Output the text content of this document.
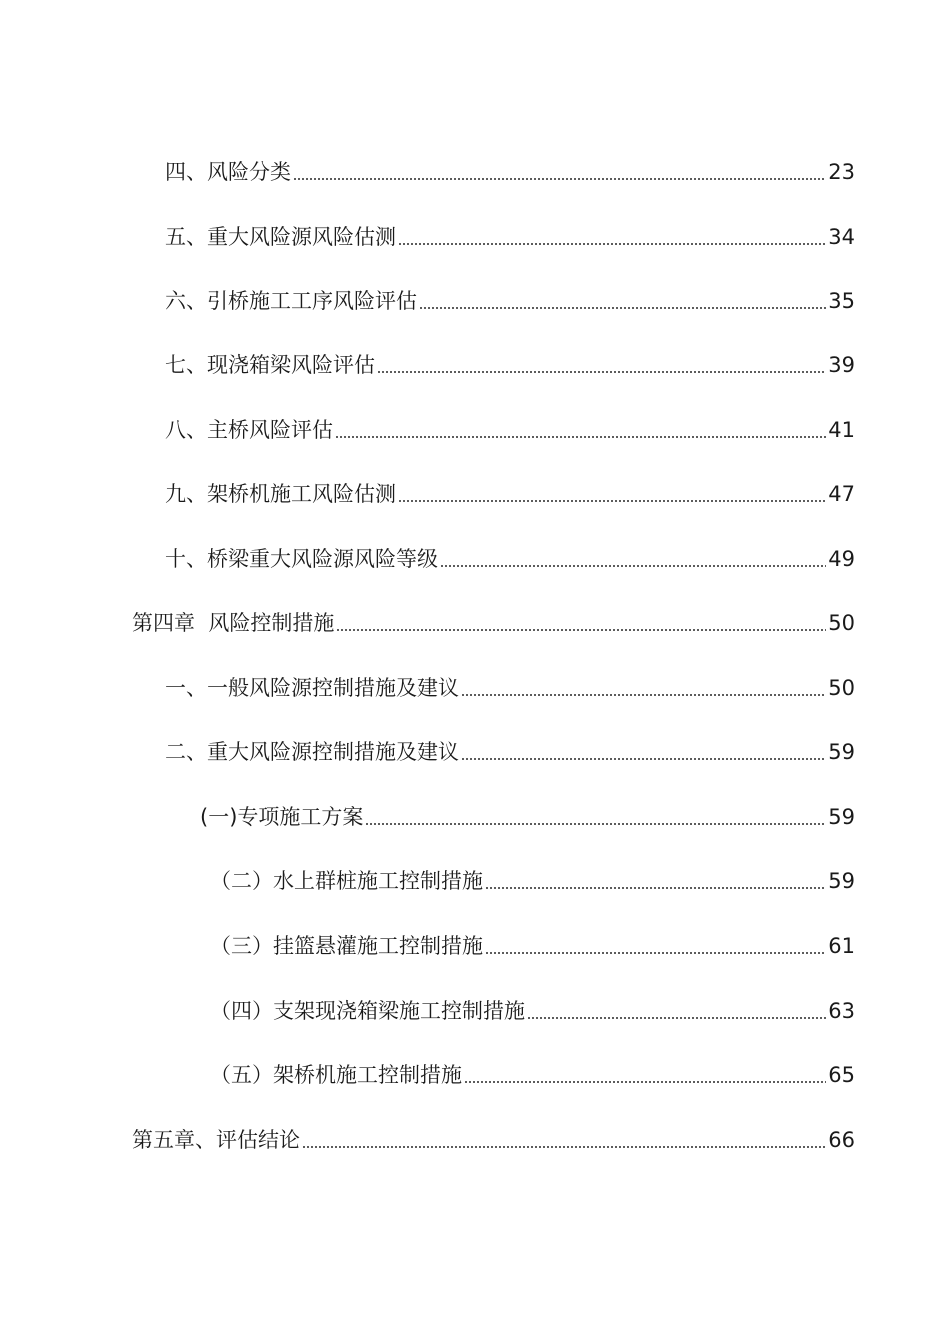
四、风险分类	23
五、重大风险源风险估测	34
六、引桥施工工序风险评估	35
七、现浇箱梁风险评估	39
八、主桥风险评估	41
九、架桥机施工风险估测	47
十、桥梁重大风险源风险等级	49
第四章  风险控制措施	50
一、一般风险源控制措施及建议	50
二、重大风险源控制措施及建议	59
(一)专项施工方案	59
（二）水上群桩施工控制措施	59
（三）挂篮悬灌施工控制措施	61
（四）支架现浇箱梁施工控制措施	63
（五）架桥机施工控制措施	65
第五章、评估结论	66
